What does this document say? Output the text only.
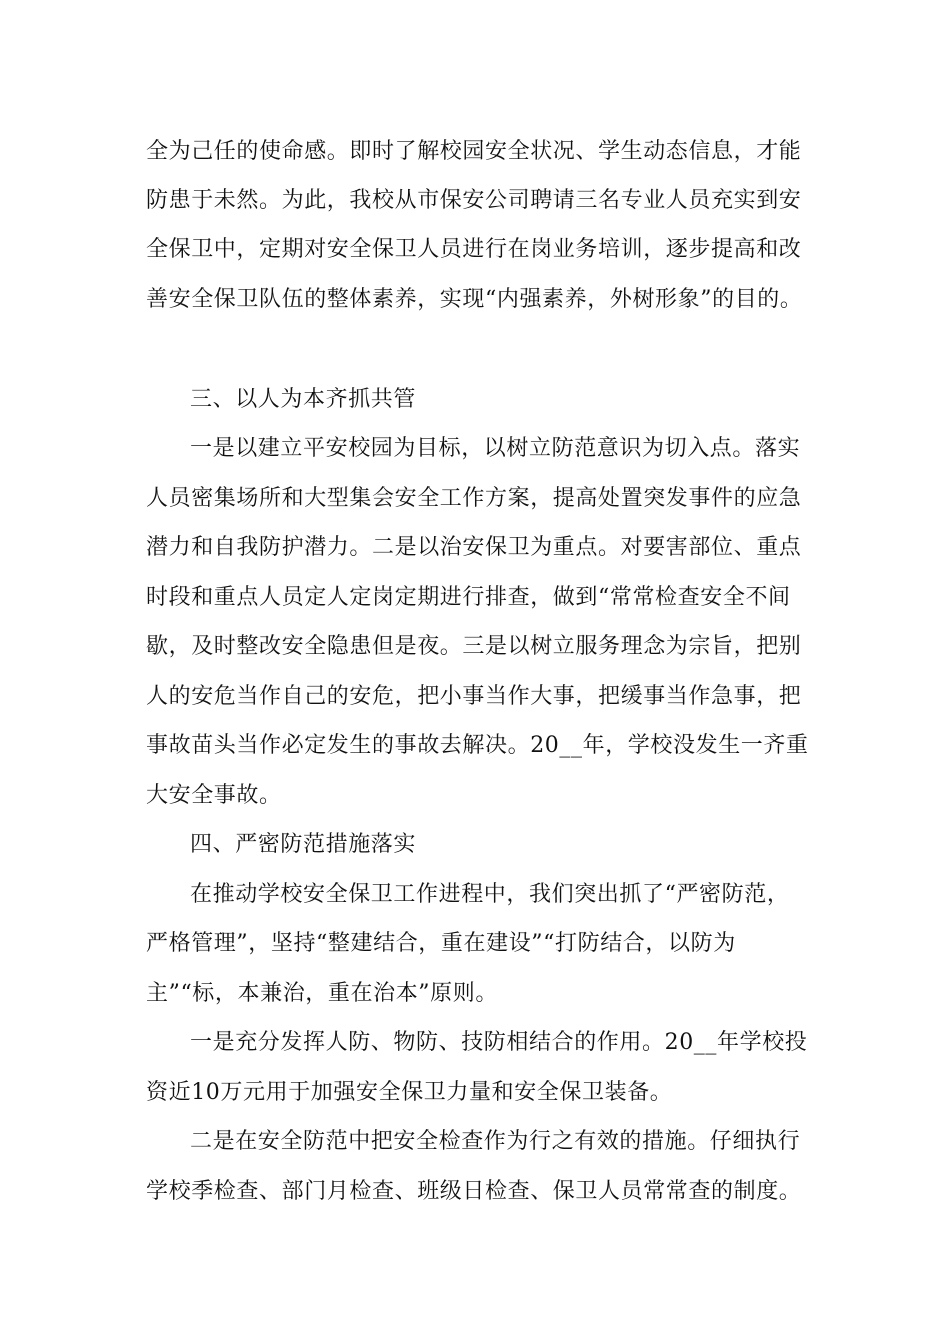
全为己任的使命感。即时了解校园安全状况、学生动态信息，才能
防患于未然。为此，我校从市保安公司聘请三名专业人员充实到安
全保卫中，定期对安全保卫人员进行在岗业务培训，逐步提高和改
善安全保卫队伍的整体素养，实现“内强素养，外树形象”的目的。
三、以人为本齐抓共管
一是以建立平安校园为目标，以树立防范意识为切入点。落实
人员密集场所和大型集会安全工作方案，提高处置突发事件的应急
潜力和自我防护潜力。二是以治安保卫为重点。对要害部位、重点
时段和重点人员定人定岗定期进行排查，做到“常常检查安全不间
歇，及时整改安全隐患但是夜。三是以树立服务理念为宗旨，把别
人的安危当作自己的安危，把小事当作大事，把缓事当作急事，把
事故苗头当作必定发生的事故去解决。20__年，学校没发生一齐重
大安全事故。
四、严密防范措施落实
在推动学校安全保卫工作进程中，我们突出抓了“严密防范，
严格管理”，坚持“整建结合，重在建设”“打防结合，以防为
主”“标，本兼治，重在治本”原则。
一是充分发挥人防、物防、技防相结合的作用。20__年学校投
资近10万元用于加强安全保卫力量和安全保卫装备。
二是在安全防范中把安全检查作为行之有效的措施。仔细执行
学校季检查、部门月检查、班级日检查、保卫人员常常查的制度。
